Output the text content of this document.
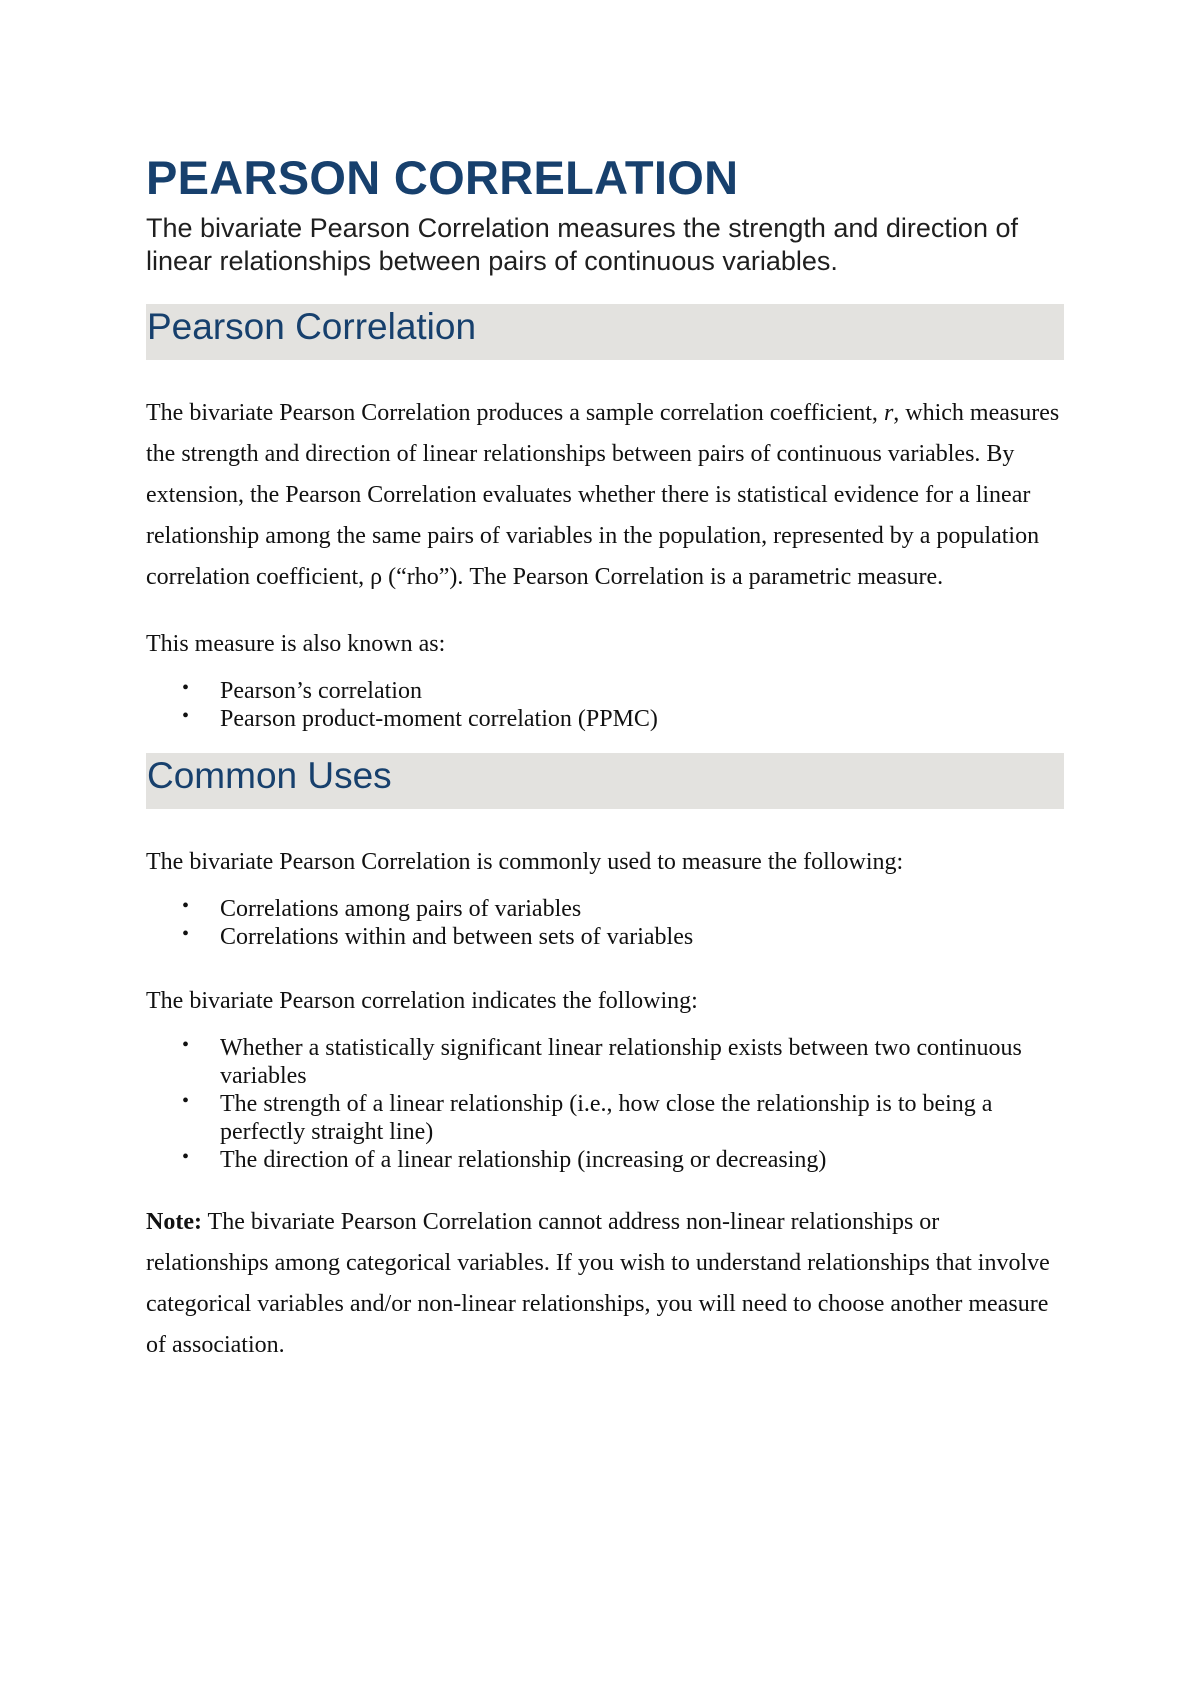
PEARSON CORRELATION

The bivariate Pearson Correlation measures the strength and direction of linear relationships between pairs of continuous variables.

Pearson Correlation

The bivariate Pearson Correlation produces a sample correlation coefficient, r, which measures the strength and direction of linear relationships between pairs of continuous variables. By extension, the Pearson Correlation evaluates whether there is statistical evidence for a linear relationship among the same pairs of variables in the population, represented by a population correlation coefficient, ρ (“rho”). The Pearson Correlation is a parametric measure.

This measure is also known as:

• Pearson’s correlation
• Pearson product-moment correlation (PPMC)
Common Uses

The bivariate Pearson Correlation is commonly used to measure the following:

• Correlations among pairs of variables
• Correlations within and between sets of variables

The bivariate Pearson correlation indicates the following:

• Whether a statistically significant linear relationship exists between two continuous variables
• The strength of a linear relationship (i.e., how close the relationship is to being a perfectly straight line)
• The direction of a linear relationship (increasing or decreasing)

Note: The bivariate Pearson Correlation cannot address non-linear relationships or relationships among categorical variables. If you wish to understand relationships that involve categorical variables and/or non-linear relationships, you will need to choose another measure of association.
